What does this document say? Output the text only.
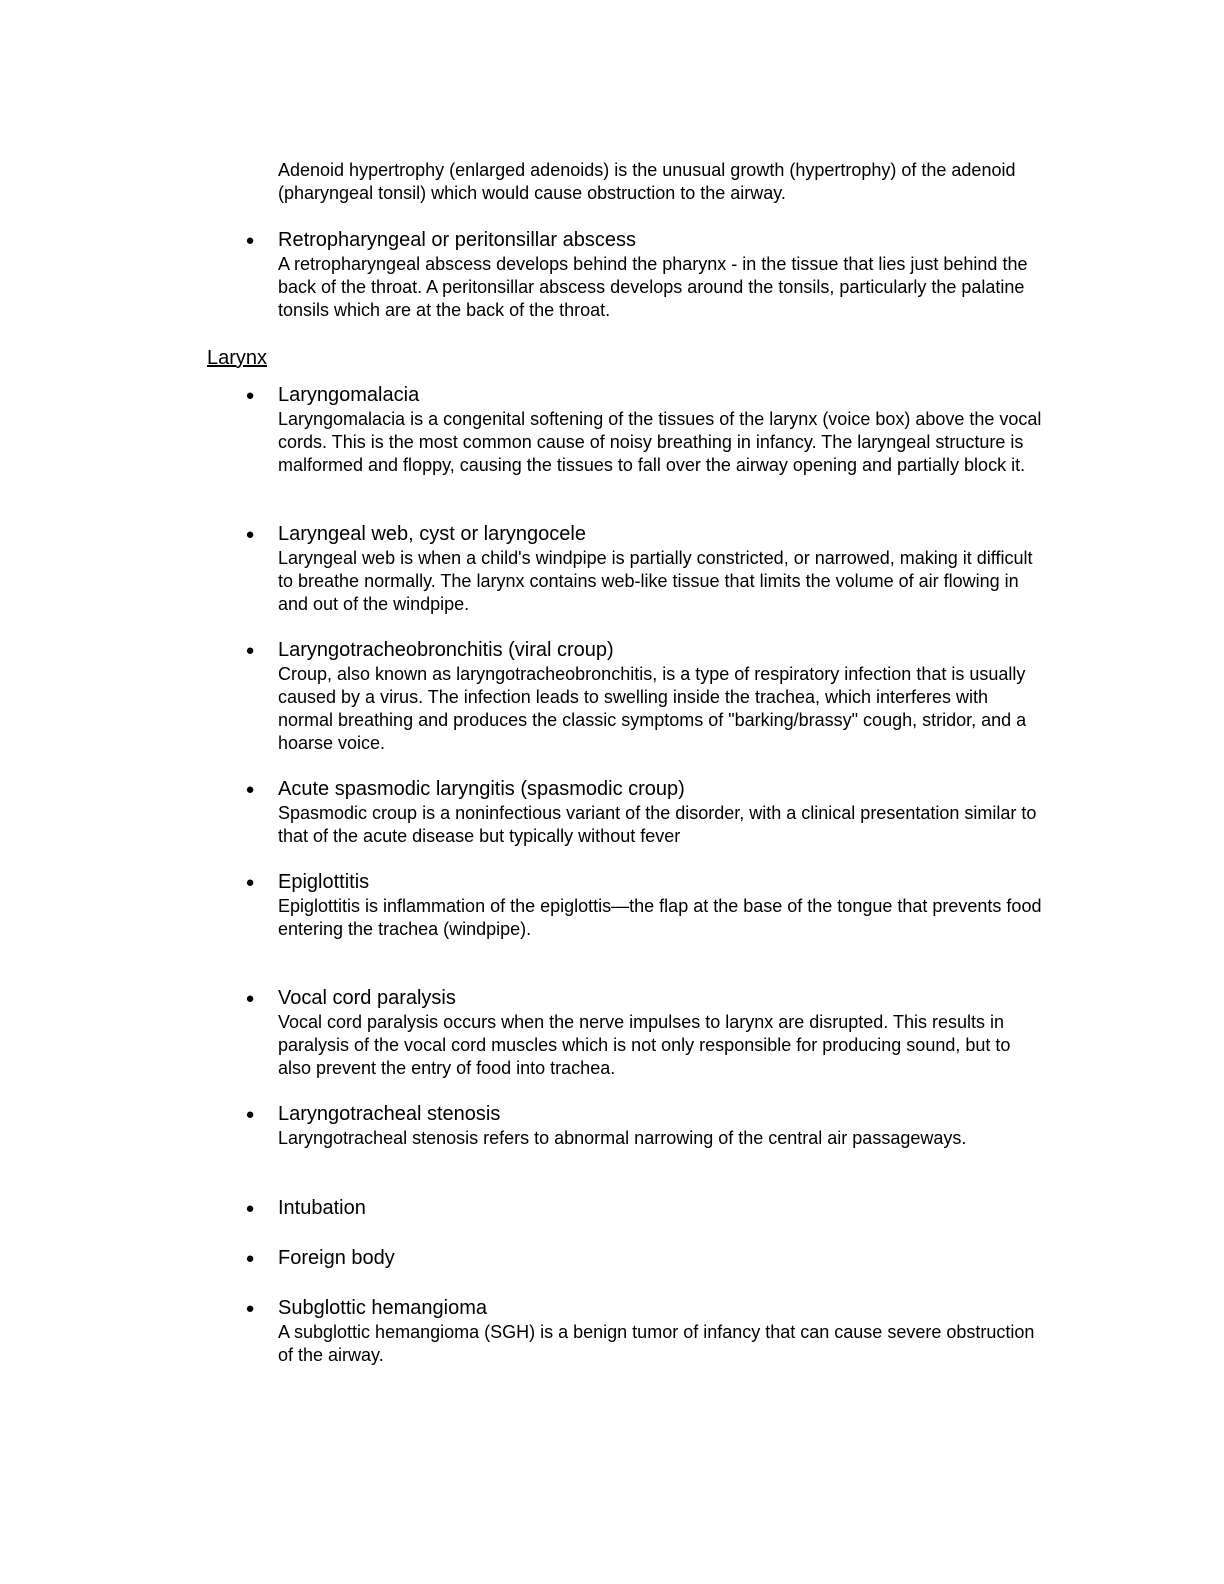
Adenoid hypertrophy (enlarged adenoids) is the unusual growth (hypertrophy) of the adenoid (pharyngeal tonsil) which would cause obstruction to the airway.

● Retropharyngeal or peritonsillar abscess

A retropharyngeal abscess develops behind the pharynx - in the tissue that lies just behind the back of the throat. A peritonsillar abscess develops around the tonsils, particularly the palatine tonsils which are at the back of the throat.

Larynx

● Laryngomalacia

Laryngomalacia is a congenital softening of the tissues of the larynx (voice box) above the vocal cords. This is the most common cause of noisy breathing in infancy. The laryngeal structure is malformed and floppy, causing the tissues to fall over the airway opening and partially block it.

● Laryngeal web, cyst or laryngocele

Laryngeal web is when a child's windpipe is partially constricted, or narrowed, making it difficult to breathe normally. The larynx contains web-like tissue that limits the volume of air flowing in and out of the windpipe.

● Laryngotracheobronchitis (viral croup)

Croup, also known as laryngotracheobronchitis, is a type of respiratory infection that is usually caused by a virus. The infection leads to swelling inside the trachea, which interferes with normal breathing and produces the classic symptoms of "barking/brassy" cough, stridor, and a hoarse voice.

● Acute spasmodic laryngitis (spasmodic croup)

Spasmodic croup is a noninfectious variant of the disorder, with a clinical presentation similar to that of the acute disease but typically without fever

● Epiglottitis

Epiglottitis is inflammation of the epiglottis—the flap at the base of the tongue that prevents food entering the trachea (windpipe).

● Vocal cord paralysis

Vocal cord paralysis occurs when the nerve impulses to larynx are disrupted. This results in paralysis of the vocal cord muscles which is not only responsible for producing sound, but to also prevent the entry of food into trachea.

● Laryngotracheal stenosis

Laryngotracheal stenosis refers to abnormal narrowing of the central air passageways.

● Intubation

● Foreign body

● Subglottic hemangioma

A subglottic hemangioma (SGH) is a benign tumor of infancy that can cause severe obstruction of the airway.
